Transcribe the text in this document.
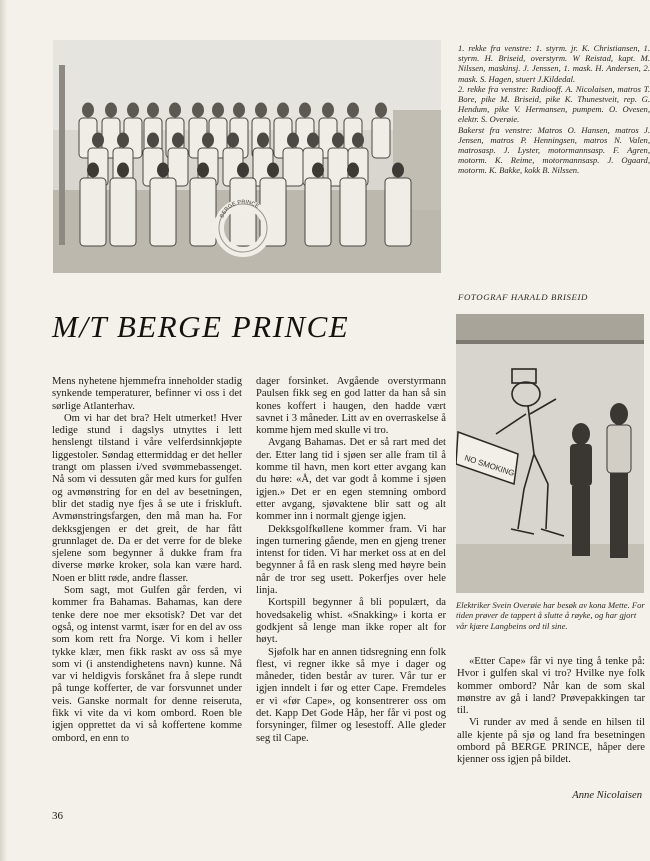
BERGE PRINCE

1. rekke fra venstre: 1. styrm. jr. K. Christiansen, 1. styrm. H. Briseid, overstyrm. W Reistad, kapt. M. Nilssen, maskinsj. J. Jenssen, 1. mask. H. Andersen, 2. mask. S. Hagen, stuert J.Kildedal.

2. rekke fra venstre: Radiooff. A. Nicolaisen, matros T. Bore, pike M. Briseid, pike K. Thunestveit, rep. G. Hendum, pike V. Hermansen, pumpem. O. Ovesen, elektr. S. Overøie.

Bakerst fra venstre: Matros O. Hansen, matros J. Jensen, matros P. Henningsen, matros N. Valen, matrosasp. J. Lyster, motormannsasp. F. Agren, motorm. K. Reime, motormannsasp. J. Ogaard, motorm. K. Bakke, kokk B. Nilssen.

FOTOGRAF HARALD BRISEID
M/T BERGE PRINCE
NO SMOKING
Elektriker Svein Overøie har besøk av kona Mette. For tiden prøver de tappert å slutte å røyke, og har gjort vår kjære Langbeins ord til sine.

Mens nyhetene hjemmefra inneholder stadig synkende temperaturer, befinner vi oss i det sørlige Atlanterhav.

Om vi har det bra? Helt utmerket! Hver ledige stund i dagslys utnyttes i lett henslengt tilstand i våre velferdsinnkjøpte liggestoler. Søndag ettermiddag er det heller trangt om plassen i/ved svømmebassenget. Nå som vi dessuten går med kurs for gulfen og avmønstring for en del av besetningen, blir det stadig nye fjes å se ute i friskluft. Avmønstringsfargen, den må man ha. For dekksgjengen er det greit, de har fått grunnlaget de. Da er det verre for de bleke sjelene som begynner å dukke fram fra diverse mørke kroker, sola kan være hard. Noen er blitt røde, andre flasser.

Som sagt, mot Gulfen går ferden, vi kommer fra Bahamas. Bahamas, kan dere tenke dere noe mer eksotisk? Det var det også, og intenst varmt, især for en del av oss som kom rett fra Norge. Vi kom i heller tykke klær, men fikk raskt av oss så mye som vi (i anstendighetens navn) kunne. Nå var vi heldigvis forskånet fra å slepe rundt på tunge kofferter, de var forsvunnet under veis. Ganske normalt for denne reiseruta, fikk vi vite da vi kom ombord. Roen ble igjen opprettet da vi så koffertene komme ombord, en enn to

dager forsinket. Avgående overstyrmann Paulsen fikk seg en god latter da han så sin kones koffert i haugen, den hadde vært savnet i 3 måneder. Litt av en overraskelse å komme hjem med skulle vi tro.

Avgang Bahamas. Det er så rart med det der. Etter lang tid i sjøen ser alle fram til å komme til havn, men kort etter avgang kan du høre: «Å, det var godt å komme i sjøen igjen.» Det er en egen stemning ombord etter avgang, sjøvaktene blir satt og alt kommer inn i normalt gjenge igjen.

Dekksgolfkøllene kommer fram. Vi har ingen turnering gående, men en gjeng trener intenst for tiden. Vi har merket oss at en del begynner å få en rask sleng med høyre bein når de tror seg usett. Pokerfjes over hele linja.

Kortspill begynner å bli populært, da hovedsakelig whist. «Snakking» i korta er godkjent så lenge man ikke roper alt for høyt.

Sjøfolk har en annen tidsregning enn folk flest, vi regner ikke så mye i dager og måneder, tiden består av turer. Vår tur er igjen inndelt i før og etter Cape. Fremdeles er vi «før Cape», og konsentrerer oss om det. Kapp Det Gode Håp, her får vi post og forsyninger, filmer og lesestoff. Alle gleder seg til Cape.

«Etter Cape» får vi nye ting å tenke på: Hvor i gulfen skal vi tro? Hvilke nye folk kommer ombord? Når kan de som skal mønstre av gå i land? Prøvepakkingen tar til.

Vi runder av med å sende en hilsen til alle kjente på sjø og land fra besetningen ombord på BERGE PRINCE, håper dere kjenner oss igjen på bildet.

Anne Nicolaisen
36
